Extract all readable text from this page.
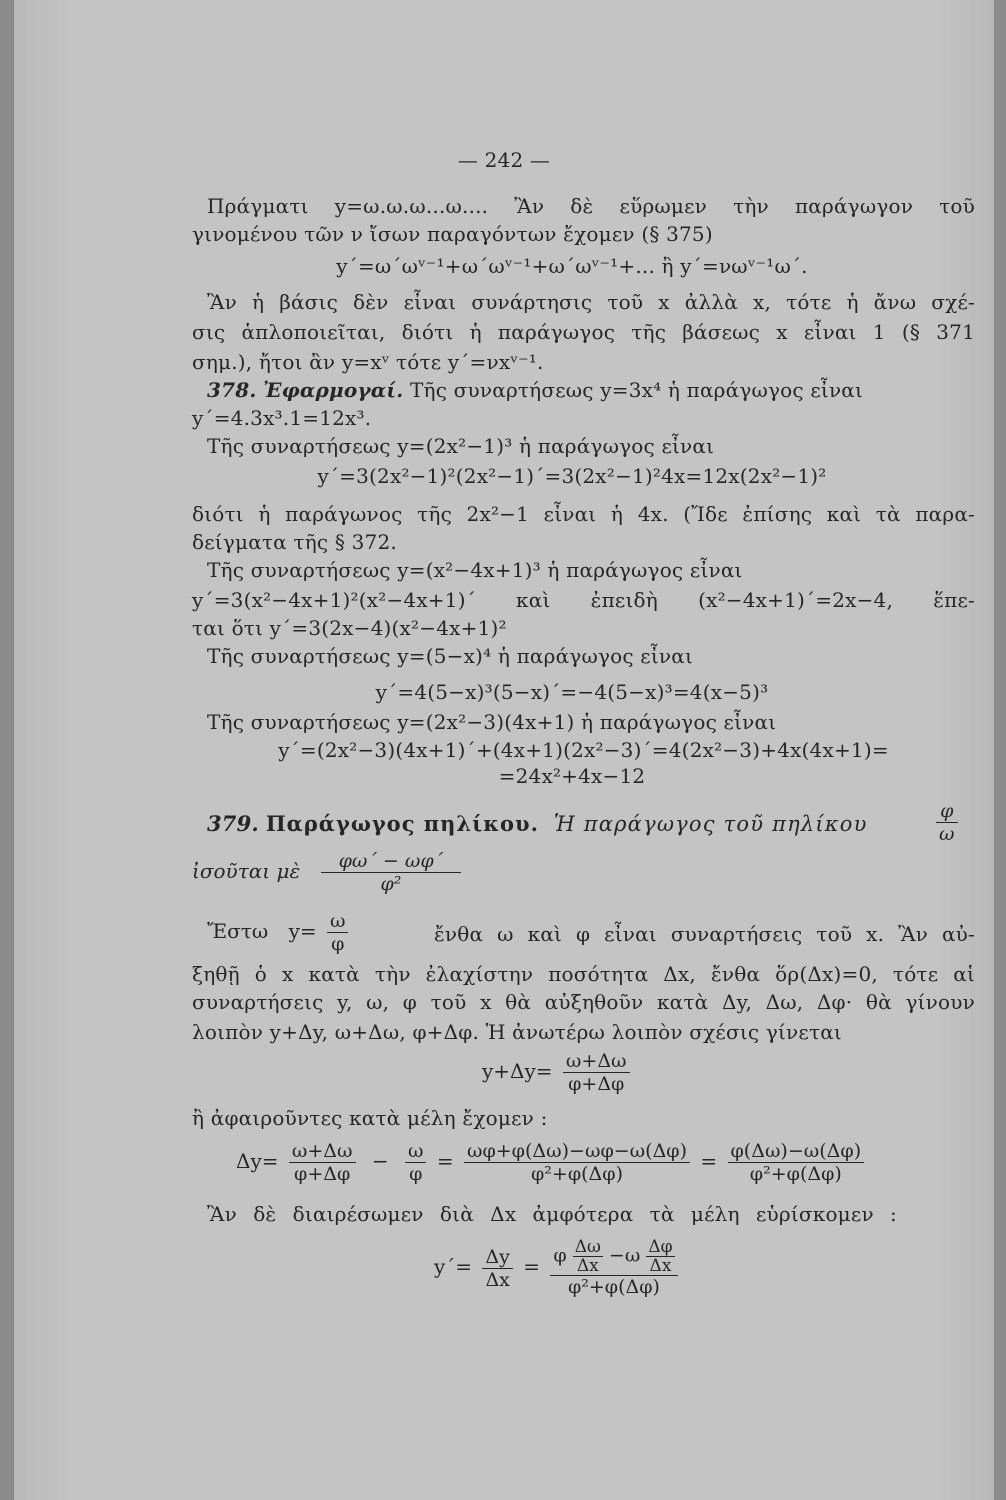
— 242 —
Πράγματι y=ω.ω.ω...ω.... Ἂν δὲ εὕρωμεν τὴν παράγωγον τοῦ
γινομένου τῶν ν ἴσων παραγόντων ἔχομεν (§ 375)
y΄=ω΄ωᵛ⁻¹+ω΄ωᵛ⁻¹+ω΄ωᵛ⁻¹+... ἢ y΄=νωᵛ⁻¹ω΄.
Ἂν ἡ βάσις δὲν εἶναι συνάρτησις τοῦ x ἀλλὰ x, τότε ἡ ἄνω σχέ-
σις ἁπλοποιεῖται, διότι ἡ παράγωγος τῆς βάσεως x εἶναι 1 (§ 371
σημ.), ἤτοι ἂν y=xᵛ τότε y΄=νxᵛ⁻¹.
378. Ἐφαρμογαί. Τῆς συναρτήσεως y=3x⁴ ἡ παράγωγος εἶναι
y΄=4.3x³.1=12x³.
Τῆς συναρτήσεως y=(2x²−1)³ ἡ παράγωγος εἶναι
y΄=3(2x²−1)²(2x²−1)΄=3(2x²−1)²4x=12x(2x²−1)²
διότι ἡ παράγωνος τῆς 2x²−1 εἶναι ἡ 4x. (Ἴδε ἐπίσης καὶ τὰ παρα-
δείγματα τῆς § 372.
Τῆς συναρτήσεως y=(x²−4x+1)³ ἡ παράγωγος εἶναι
y΄=3(x²−4x+1)²(x²−4x+1)΄ καὶ ἐπειδὴ (x²−4x+1)΄=2x−4, ἕπε-
ται ὅτι y΄=3(2x−4)(x²−4x+1)²
Τῆς συναρτήσεως y=(5−x)⁴ ἡ παράγωγος εἶναι
y΄=4(5−x)³(5−x)΄=−4(5−x)³=4(x−5)³
Τῆς συναρτήσεως y=(2x²−3)(4x+1) ἡ παράγωγος εἶναι
y΄=(2x²−3)(4x+1)΄+(4x+1)(2x²−3)΄=4(2x²−3)+4x(4x+1)=
=24x²+4x−12
379. Παράγωγος πηλίκου. Ἡ παράγωγος τοῦ πηλίκου	$\frac{\varphi}{\omega}$
ἰσοῦται μὲ $\frac{\varphi\omega΄ - \omega\varphi΄}{\text{φ²}}$
Ἔστω $y= \frac{\omega}{\varphi}$	ἔνθα ω καὶ φ εἶναι συναρτήσεις τοῦ x. Ἂν αὐ-
ξηθῇ ὁ x κατὰ τὴν ἐλαχίστην ποσότητα Δx, ἔνθα ὅρ(Δx)=0, τότε αἱ
συναρτήσεις y, ω, φ τοῦ x θὰ αὐξηθοῦν κατὰ Δy, Δω, Δφ· θὰ γίνουν
λοιπὸν y+Δy, ω+Δω, φ+Δφ. Ἡ ἀνωτέρω λοιπὸν σχέσις γίνεται
$y+\Delta y= \frac{\omega+\Delta\omega}{\varphi+\Delta\varphi}$
ἢ ἀφαιροῦντες κατὰ μέλη ἔχομεν :
$\Delta y= \frac{\omega+\Delta\omega}{\varphi+\Delta\varphi} - \frac{\omega}{\varphi} = \frac{\omega\varphi+\varphi(\Delta\omega)-\omega\varphi-\omega(\Delta\varphi)}{\text{φ²+φ(Δφ)}} = \frac{\varphi(\Delta\omega)-\omega(\Delta\varphi)}{\text{φ²+φ(Δφ)}}$
Ἂν δὲ διαιρέσωμεν διὰ Δx ἀμφότερα τὰ μέλη εὑρίσκομεν :
$y΄= \frac{\Delta y}{\Delta x} = \varphi \frac{\Delta\omega}{\Delta x} -\omega \frac{\Delta\varphi}{\Delta x}$
φ²+φ(Δφ)
